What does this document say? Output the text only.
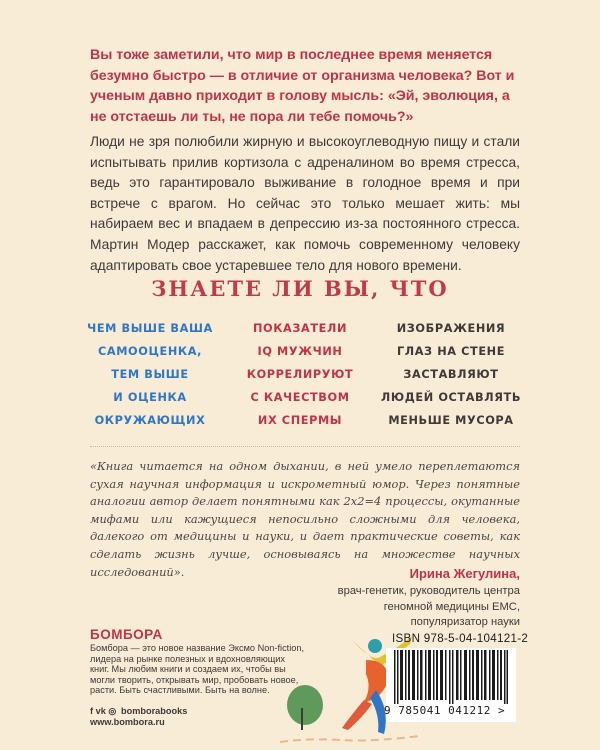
Вы тоже заметили, что мир в последнее время меняется безумно быстро — в отличие от организма человека? Вот и ученым давно приходит в голову мысль: «Эй, эволюция, а не отстаешь ли ты, не пора ли тебе помочь?»

Люди не зря полюбили жирную и высокоуглеводную пищу и стали испытывать прилив кортизола с адреналином во время стресса, ведь это гарантировало выживание в голодное время и при встрече с врагом. Но сейчас это только мешает жить: мы набираем вес и впадаем в депрессию из-за постоянного стресса. Мартин Модер расскажет, как помочь современному человеку адаптировать свое устаревшее тело для нового времени.

ЗНАЕТЕ ЛИ ВЫ, ЧТО
ЧЕМ ВЫШЕ ВАША
САМООЦЕНКА,
ТЕМ ВЫШЕ
И ОЦЕНКА
ОКРУЖАЮЩИХ
ПОКАЗАТЕЛИ
IQ МУЖЧИН
КОРРЕЛИРУЮТ
С КАЧЕСТВОМ
ИХ СПЕРМЫ
ИЗОБРАЖЕНИЯ
ГЛАЗ НА СТЕНЕ
ЗАСТАВЛЯЮТ
ЛЮДЕЙ ОСТАВЛЯТЬ
МЕНЬШЕ МУСОРА

«Книга читается на одном дыхании, в ней умело переплетаются сухая научная информация и искрометный юмор. Через понятные аналогии автор делает понятными как 2х2=4 процессы, окутанные мифами или кажущиеся непосильно сложными для человека, далекого от медицины и науки, и дает практические советы, как сделать жизнь лучше, основываясь на множестве научных исследований».	Ирина Жегулина,
врач-генетик, руководитель центра
геномной медицины EMC,
популяризатор науки
БОМБОРА

Бомбора — это новое название Эксмо Non-fiction, лидера на рынке полезных и вдохновляющих книг. Мы любим книги и создаем их, чтобы вы могли творить, открывать мир, пробовать новое, расти. Быть счастливыми. Быть на волне.

f vk ◎ bomborabooks
www.bombora.ru
ISBN 978-5-04-104121-2
9 785041 041212 >
